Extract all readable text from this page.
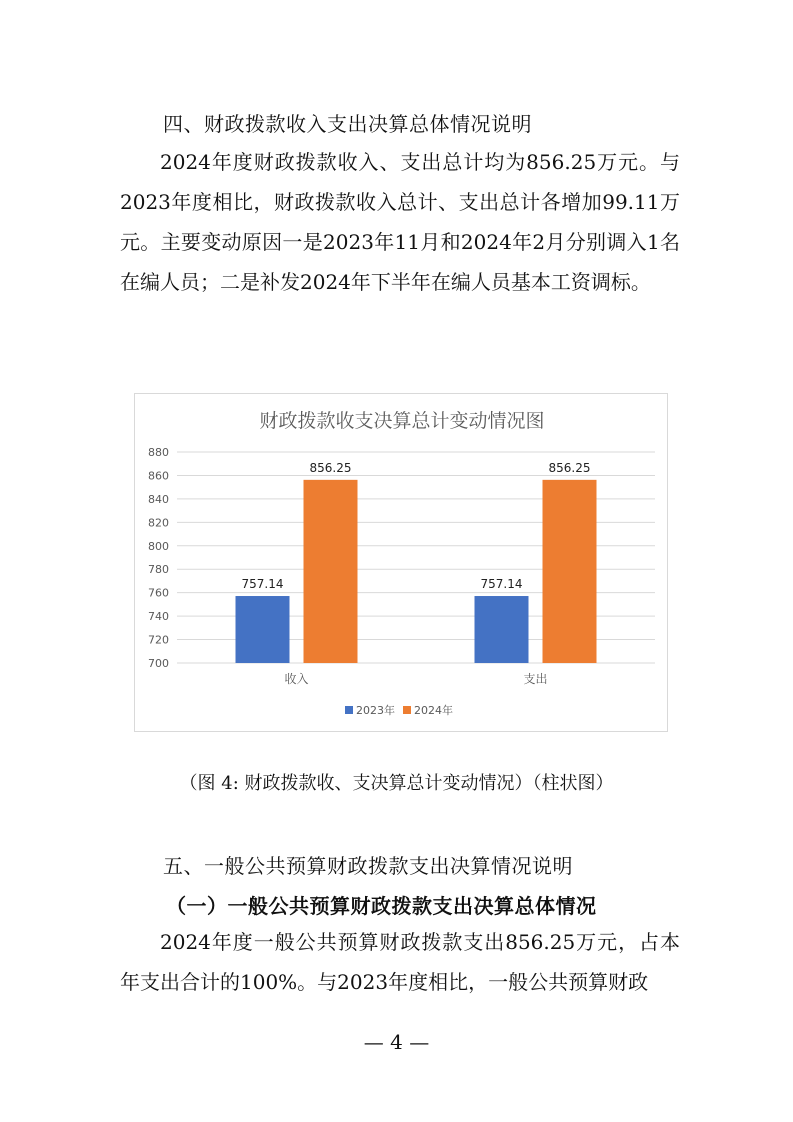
四、财政拨款收入支出决算总体情况说明
2024年度财政拨款收入、支出总计均为856.25万元。与2023年度相比，财政拨款收入总计、支出总计各增加99.11万元。主要变动原因一是2023年11月和2024年2月分别调入1名在编人员；二是补发2024年下半年在编人员基本工资调标。
财政拨款收支决算总计变动情况图
700
720
740
760
780
800
820
840
860
880
757.14
856.25
757.14
856.25
收入	支出
2023年 2024年
（图 4: 财政拨款收、支决算总计变动情况）（柱状图）
五、一般公共预算财政拨款支出决算情况说明
（一）一般公共预算财政拨款支出决算总体情况
2024年度一般公共预算财政拨款支出856.25万元，占本年支出合计的100%。与2023年度相比，一般公共预算财政
— 4 —
